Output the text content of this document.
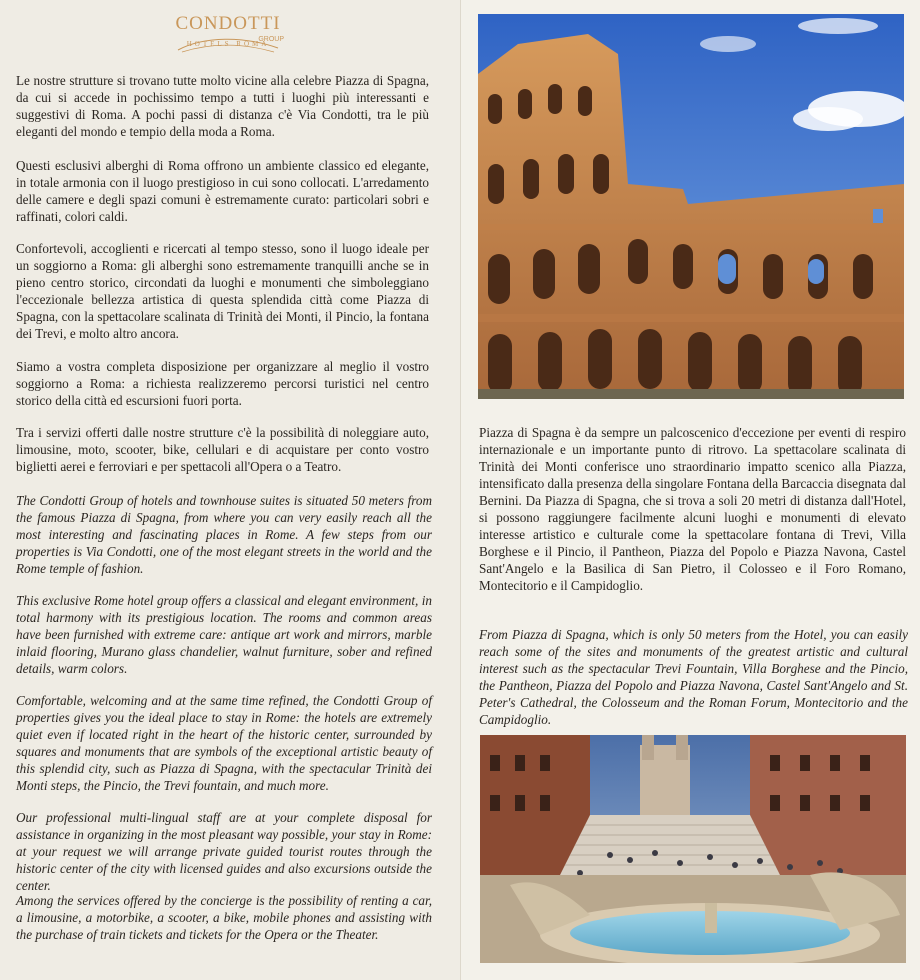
CONDOTTI
GROUP
HOTELS ROMA

Le nostre strutture si trovano tutte molto vicine alla celebre Piazza di Spagna, da cui si accede in pochissimo tempo a tutti i luoghi più interessanti e suggestivi di Roma. A pochi passi di distanza c'è Via Condotti, tra le più eleganti del mondo e tempio della moda a Roma.

Questi esclusivi alberghi di Roma offrono un ambiente classico ed elegante, in totale armonia con il luogo prestigioso in cui sono collocati. L'arredamento delle camere e degli spazi comuni è estremamente curato: particolari sobri e raffinati, colori caldi.

Confortevoli, accoglienti e ricercati al tempo stesso, sono il luogo ideale per un soggiorno a Roma: gli alberghi sono estremamente tranquilli anche se in pieno centro storico, circondati da luoghi e monumenti che simboleggiano l'eccezionale bellezza artistica di questa splendida città come Piazza di Spagna, con la spettacolare scalinata di Trinità dei Monti, il Pincio, la fontana dei Trevi, e molto altro ancora.

Siamo a vostra completa disposizione per organizzare al meglio il vostro soggiorno a Roma: a richiesta realizzeremo percorsi turistici nel centro storico della città ed escursioni fuori porta.

Tra i servizi offerti dalle nostre strutture c'è la possibilità di noleggiare auto, limousine, moto, scooter, bike, cellulari e di acquistare per conto vostro biglietti aerei e ferroviari e per spettacoli all'Opera o a Teatro.

The Condotti Group of hotels and townhouse suites is situated 50 meters from the famous Piazza di Spagna, from where you can very easily reach all the most interesting and fascinating places in Rome. A few steps from our properties is Via Condotti, one of the most elegant streets in the world and the Rome temple of fashion.

This exclusive Rome hotel group offers a classical and elegant environment, in total harmony with its prestigious location. The rooms and common areas have been furnished with extreme care: antique art work and mirrors, marble inlaid flooring, Murano glass chandelier, walnut furniture, sober and refined details, warm colors.

Comfortable, welcoming and at the same time refined, the Condotti Group of properties gives you the ideal place to stay in Rome: the hotels are extremely quiet even if located right in the heart of the historic center, surrounded by squares and monuments that are symbols of the exceptional artistic beauty of this splendid city, such as Piazza di Spagna, with the spectacular Trinità dei Monti steps, the Pincio, the Trevi fountain, and much more.

Our professional multi-lingual staff are at your complete disposal for assistance in organizing in the most pleasant way possible, your stay in Rome: at your request we will arrange private guided tourist routes through the historic center of the city with licensed guides and also excursions outside the center.

Among the services offered by the concierge is the possibility of renting a car, a limousine, a motorbike, a scooter, a bike, mobile phones and assisting with the purchase of train tickets and tickets for the Opera or the Theater.

Piazza di Spagna è da sempre un palcoscenico d'eccezione per eventi di respiro internazionale e un importante punto di ritrovo. La spettacolare scalinata di Trinità dei Monti conferisce uno straordinario impatto scenico alla Piazza, intensificato dalla presenza della singolare Fontana della Barcaccia disegnata dal Bernini. Da Piazza di Spagna, che si trova a soli 20 metri di distanza dall'Hotel, si possono raggiungere facilmente alcuni luoghi e monumenti di elevato interesse artistico e culturale come la spettacolare fontana di Trevi, Villa Borghese e il Pincio, il Pantheon, Piazza del Popolo e Piazza Navona, Castel Sant'Angelo e la Basilica di San Pietro, il Colosseo e il Foro Romano, Montecitorio e il Campidoglio.

From Piazza di Spagna, which is only 50 meters from the Hotel, you can easily reach some of the sites and monuments of the greatest artistic and cultural interest such as the spectacular Trevi Fountain, Villa Borghese and the Pincio, the Pantheon, Piazza del Popolo and Piazza Navona, Castel Sant'Angelo and St. Peter's Cathedral, the Colosseum and the Roman Forum, Montecitorio and the Campidoglio.
